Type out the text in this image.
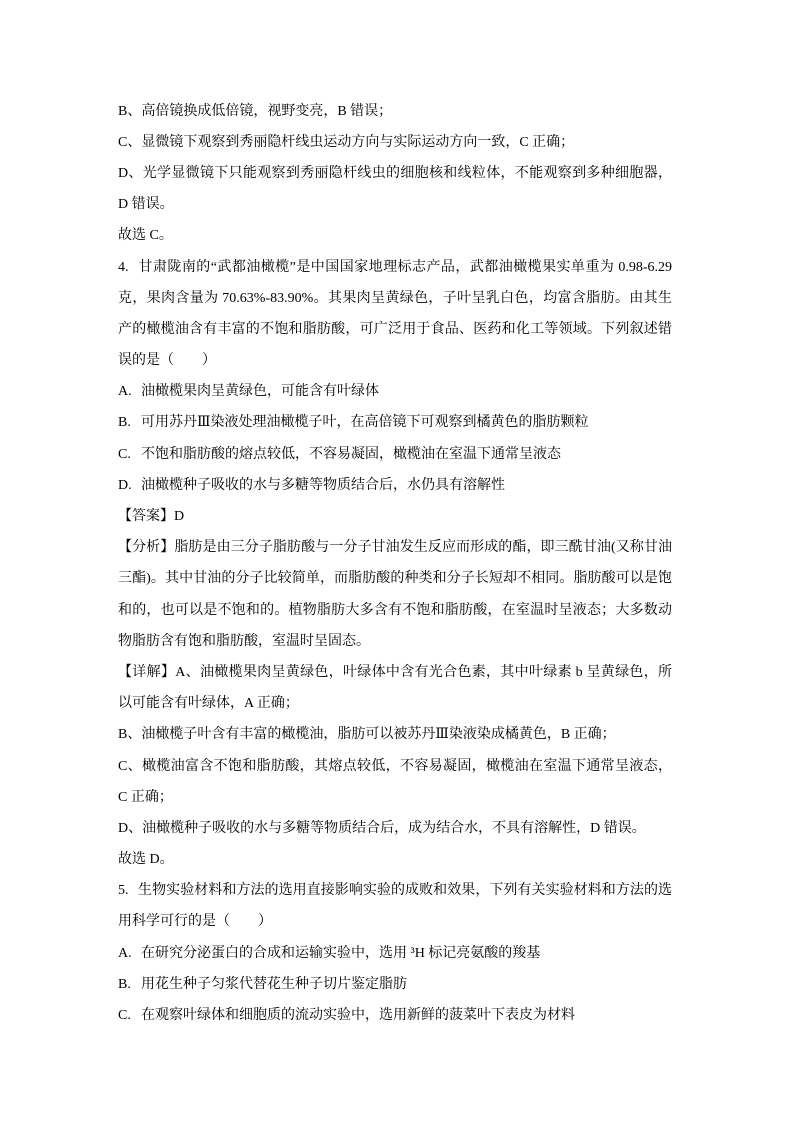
B、高倍镜换成低倍镜，视野变亮，B 错误；
C、显微镜下观察到秀丽隐杆线虫运动方向与实际运动方向一致，C 正确；
D、光学显微镜下只能观察到秀丽隐杆线虫的细胞核和线粒体，不能观察到多种细胞器，
D 错误。
故选 C。
4. 甘肃陇南的“武都油橄榄”是中国国家地理标志产品，武都油橄榄果实单重为 0.98-6.29
克，果肉含量为 70.63%-83.90%。其果肉呈黄绿色，子叶呈乳白色，均富含脂肪。由其生
产的橄榄油含有丰富的不饱和脂肪酸，可广泛用于食品、医药和化工等领域。下列叙述错
误的是（　　）
A. 油橄榄果肉呈黄绿色，可能含有叶绿体
B. 可用苏丹Ⅲ染液处理油橄榄子叶，在高倍镜下可观察到橘黄色的脂肪颗粒
C. 不饱和脂肪酸的熔点较低，不容易凝固，橄榄油在室温下通常呈液态
D. 油橄榄种子吸收的水与多糖等物质结合后，水仍具有溶解性
【答案】D
【分析】脂肪是由三分子脂肪酸与一分子甘油发生反应而形成的酯，即三酰甘油(又称甘油
三酯)。其中甘油的分子比较简单，而脂肪酸的种类和分子长短却不相同。脂肪酸可以是饱
和的，也可以是不饱和的。植物脂肪大多含有不饱和脂肪酸，在室温时呈液态；大多数动
物脂肪含有饱和脂肪酸，室温时呈固态。
【详解】A、油橄榄果肉呈黄绿色，叶绿体中含有光合色素，其中叶绿素 b 呈黄绿色，所
以可能含有叶绿体，A 正确；
B、油橄榄子叶含有丰富的橄榄油，脂肪可以被苏丹Ⅲ染液染成橘黄色，B 正确；
C、橄榄油富含不饱和脂肪酸，其熔点较低，不容易凝固，橄榄油在室温下通常呈液态，
C 正确；
D、油橄榄种子吸收的水与多糖等物质结合后，成为结合水，不具有溶解性，D 错误。
故选 D。
5. 生物实验材料和方法的选用直接影响实验的成败和效果，下列有关实验材料和方法的选
用科学可行的是（　　）
A. 在研究分泌蛋白的合成和运输实验中，选用 ³H 标记亮氨酸的羧基
B. 用花生种子匀浆代替花生种子切片鉴定脂肪
C. 在观察叶绿体和细胞质的流动实验中，选用新鲜的菠菜叶下表皮为材料
